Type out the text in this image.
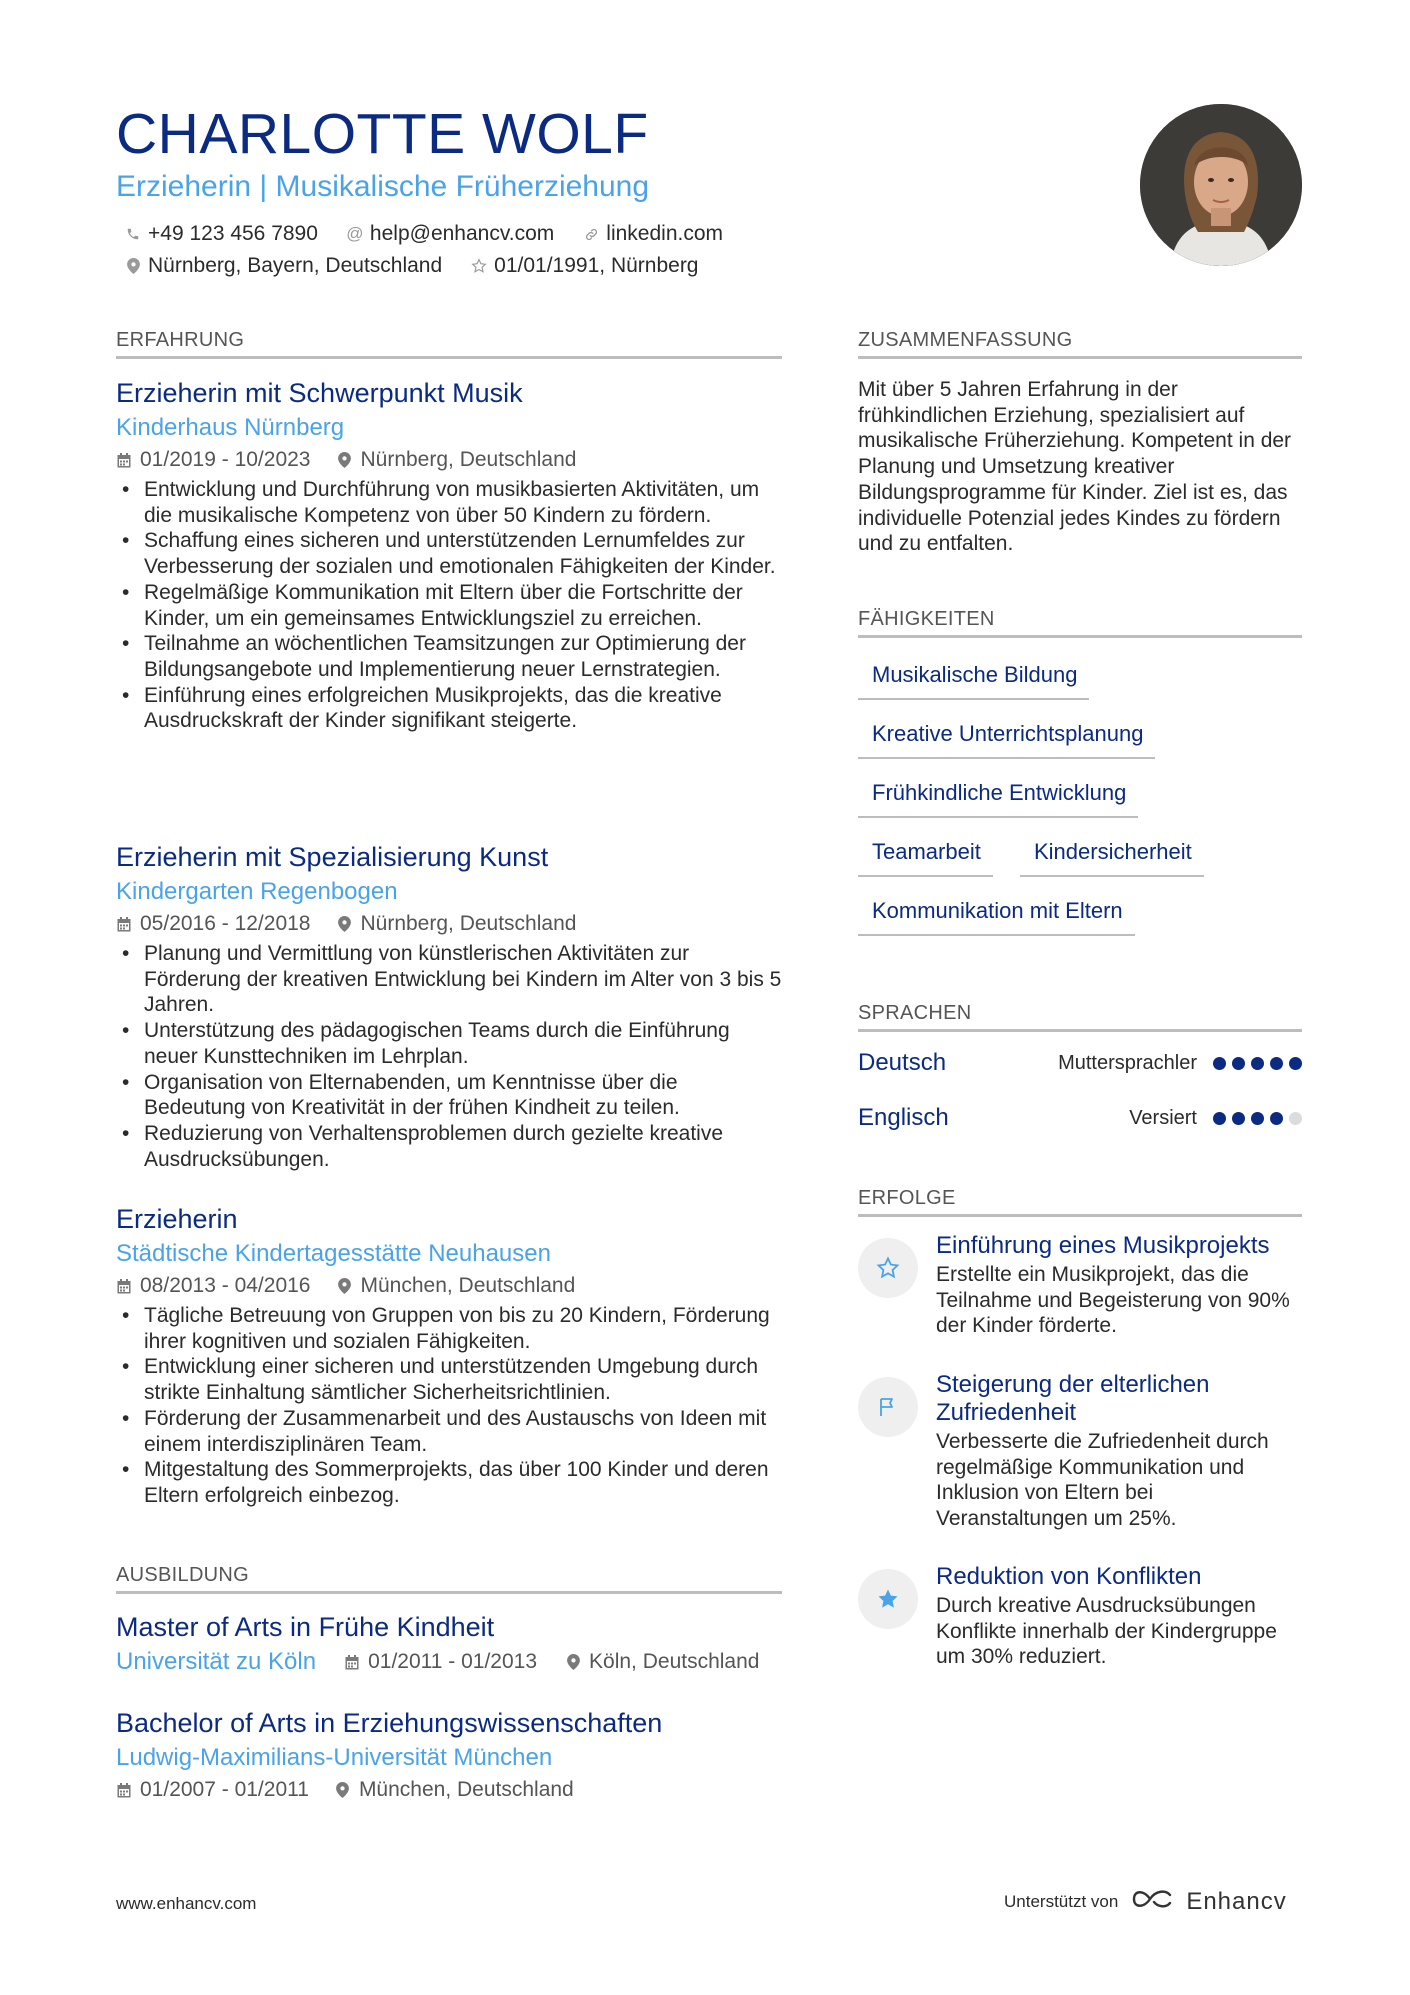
CHARLOTTE WOLF
Erzieherin | Musikalische Früherziehung
+49 123 456 7890 @ help@enhancv.com linkedin.com
Nürnberg, Bayern, Deutschland 01/01/1991, Nürnberg
ERFAHRUNG
Erzieherin mit Schwerpunkt Musik
Kinderhaus Nürnberg
01/2019 - 10/2023 Nürnberg, Deutschland
• Entwicklung und Durchführung von musikbasierten Aktivitäten, um die musikalische Kompetenz von über 50 Kindern zu fördern.
• Schaffung eines sicheren und unterstützenden Lernumfeldes zur Verbesserung der sozialen und emotionalen Fähigkeiten der Kinder.
• Regelmäßige Kommunikation mit Eltern über die Fortschritte der Kinder, um ein gemeinsames Entwicklungsziel zu erreichen.
• Teilnahme an wöchentlichen Teamsitzungen zur Optimierung der Bildungsangebote und Implementierung neuer Lernstrategien.
• Einführung eines erfolgreichen Musikprojekts, das die kreative Ausdruckskraft der Kinder signifikant steigerte.
Erzieherin mit Spezialisierung Kunst
Kindergarten Regenbogen
05/2016 - 12/2018 Nürnberg, Deutschland
• Planung und Vermittlung von künstlerischen Aktivitäten zur Förderung der kreativen Entwicklung bei Kindern im Alter von 3 bis 5 Jahren.
• Unterstützung des pädagogischen Teams durch die Einführung neuer Kunsttechniken im Lehrplan.
• Organisation von Elternabenden, um Kenntnisse über die Bedeutung von Kreativität in der frühen Kindheit zu teilen.
• Reduzierung von Verhaltensproblemen durch gezielte kreative Ausdrucksübungen.
Erzieherin
Städtische Kindertagesstätte Neuhausen
08/2013 - 04/2016 München, Deutschland
• Tägliche Betreuung von Gruppen von bis zu 20 Kindern, Förderung ihrer kognitiven und sozialen Fähigkeiten.
• Entwicklung einer sicheren und unterstützenden Umgebung durch strikte Einhaltung sämtlicher Sicherheitsrichtlinien.
• Förderung der Zusammenarbeit und des Austauschs von Ideen mit einem interdisziplinären Team.
• Mitgestaltung des Sommerprojekts, das über 100 Kinder und deren Eltern erfolgreich einbezog.
AUSBILDUNG
Master of Arts in Frühe Kindheit
Universität zu Köln 01/2011 - 01/2013 Köln, Deutschland
Bachelor of Arts in Erziehungswissenschaften
Ludwig-Maximilians-Universität München
01/2007 - 01/2011 München, Deutschland
ZUSAMMENFASSUNG
Mit über 5 Jahren Erfahrung in der frühkindlichen Erziehung, spezialisiert auf musikalische Früherziehung. Kompetent in der Planung und Umsetzung kreativer Bildungsprogramme für Kinder. Ziel ist es, das individuelle Potenzial jedes Kindes zu fördern und zu entfalten.
FÄHIGKEITEN
Musikalische Bildung
Kreative Unterrichtsplanung
Frühkindliche Entwicklung
Teamarbeit	Kindersicherheit
Kommunikation mit Eltern
SPRACHEN
Deutsch	Muttersprachler
Englisch	Versiert
ERFOLGE
Einführung eines Musikprojekts
Erstellte ein Musikprojekt, das die Teilnahme und Begeisterung von 90% der Kinder förderte.
Steigerung der elterlichen Zufriedenheit
Verbesserte die Zufriedenheit durch regelmäßige Kommunikation und Inklusion von Eltern bei Veranstaltungen um 25%.
Reduktion von Konflikten
Durch kreative Ausdrucksübungen Konflikte innerhalb der Kindergruppe um 30% reduziert.
www.enhancv.com	Unterstützt von	Enhancv
